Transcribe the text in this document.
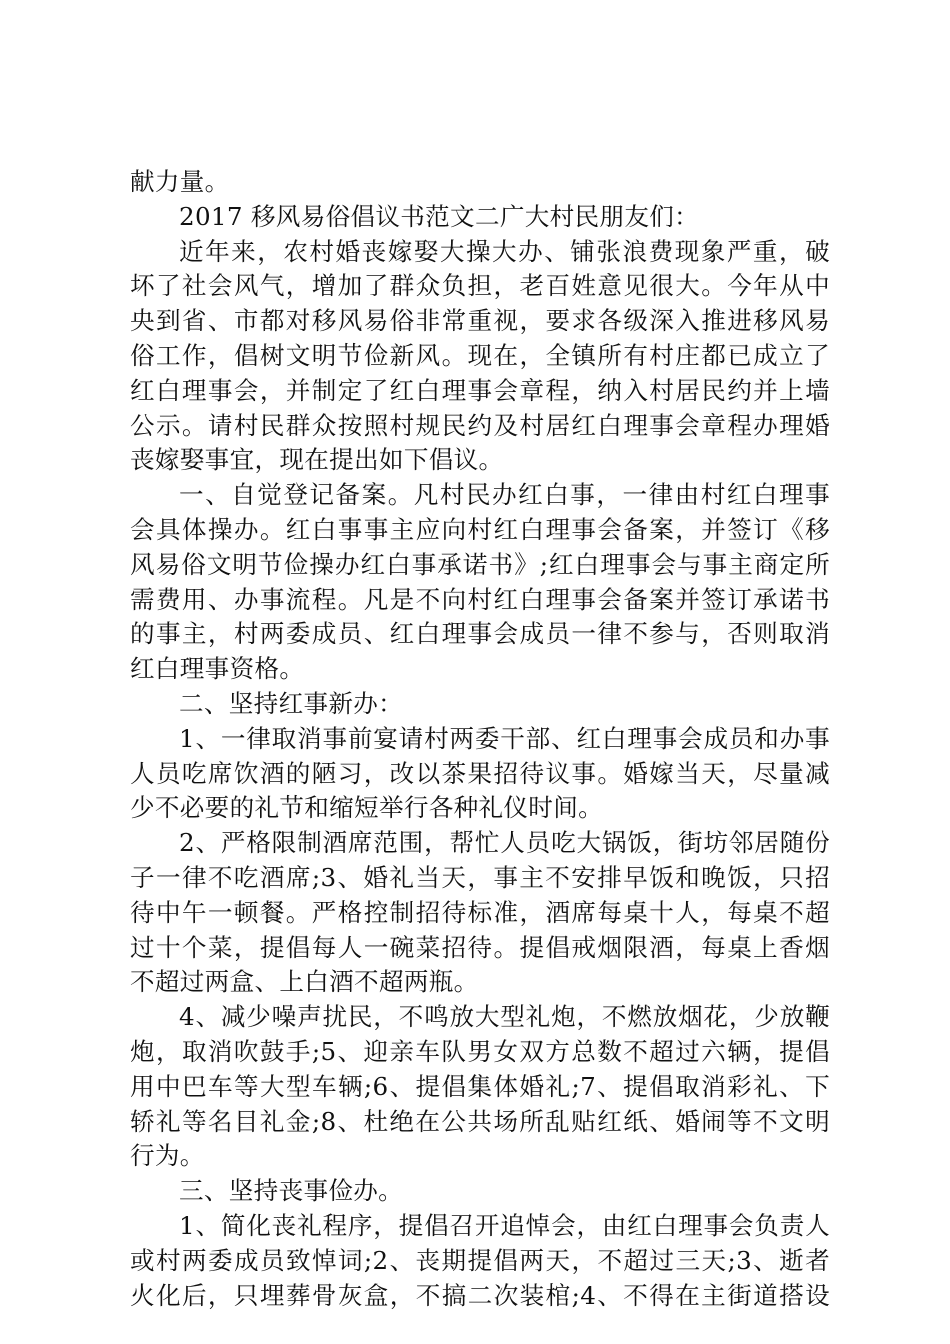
献力量。

2017 移风易俗倡议书范文二广大村民朋友们：

近年来，农村婚丧嫁娶大操大办、铺张浪费现象严重，破
坏了社会风气，增加了群众负担，老百姓意见很大。今年从中
央到省、市都对移风易俗非常重视，要求各级深入推进移风易
俗工作，倡树文明节俭新风。现在，全镇所有村庄都已成立了
红白理事会，并制定了红白理事会章程，纳入村居民约并上墙
公示。请村民群众按照村规民约及村居红白理事会章程办理婚
丧嫁娶事宜，现在提出如下倡议。

一、自觉登记备案。凡村民办红白事，一律由村红白理事
会具体操办。红白事事主应向村红白理事会备案，并签订《移
风易俗文明节俭操办红白事承诺书》;红白理事会与事主商定所
需费用、办事流程。凡是不向村红白理事会备案并签订承诺书
的事主，村两委成员、红白理事会成员一律不参与，否则取消
红白理事资格。

二、坚持红事新办：

1、一律取消事前宴请村两委干部、红白理事会成员和办事
人员吃席饮酒的陋习，改以茶果招待议事。婚嫁当天，尽量减
少不必要的礼节和缩短举行各种礼仪时间。

2、严格限制酒席范围，帮忙人员吃大锅饭，街坊邻居随份
子一律不吃酒席;3、婚礼当天，事主不安排早饭和晚饭，只招
待中午一顿餐。严格控制招待标准，酒席每桌十人，每桌不超
过十个菜，提倡每人一碗菜招待。提倡戒烟限酒，每桌上香烟
不超过两盒、上白酒不超两瓶。

4、减少噪声扰民，不鸣放大型礼炮，不燃放烟花，少放鞭
炮，取消吹鼓手;5、迎亲车队男女双方总数不超过六辆，提倡
用中巴车等大型车辆;6、提倡集体婚礼;7、提倡取消彩礼、下
轿礼等名目礼金;8、杜绝在公共场所乱贴红纸、婚闹等不文明
行为。

三、坚持丧事俭办。

1、简化丧礼程序，提倡召开追悼会，由红白理事会负责人
或村两委成员致悼词;2、丧期提倡两天，不超过三天;3、逝者
火化后，只埋葬骨灰盒，不搞二次装棺;4、不得在主街道搭设
